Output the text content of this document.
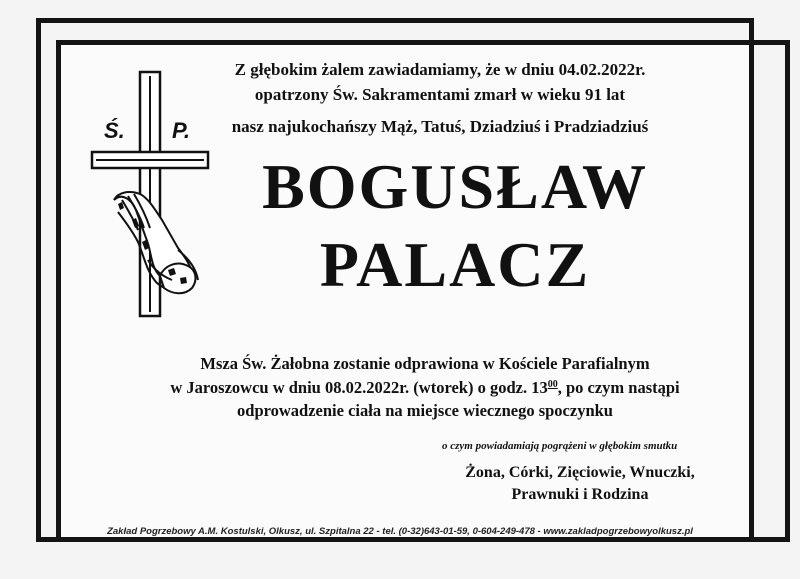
Ś. P.
Z głębokim żalem zawiadamiamy, że w dniu 04.02.2022r.
opatrzony Św. Sakramentami zmarł w wieku 91 lat
nasz najukochańszy Mąż, Tatuś, Dziadziuś i Pradziadziuś
BOGUSŁAW
PALACZ
Msza Św. Żałobna zostanie odprawiona w Kościele Parafialnym
w Jaroszowcu w dniu 08.02.2022r. (wtorek) o godz. $13^{00}$, po czym nastąpi
odprowadzenie ciała na miejsce wiecznego spoczynku
o czym powiadamiają pogrążeni w głębokim smutku
Żona, Córki, Zięciowie, Wnuczki,
Prawnuki i Rodzina
Zakład Pogrzebowy A.M. Kostulski, Olkusz, ul. Szpitalna 22 - tel. (0-32)643-01-59, 0-604-249-478 - www.zakladpogrzebowyolkusz.pl
